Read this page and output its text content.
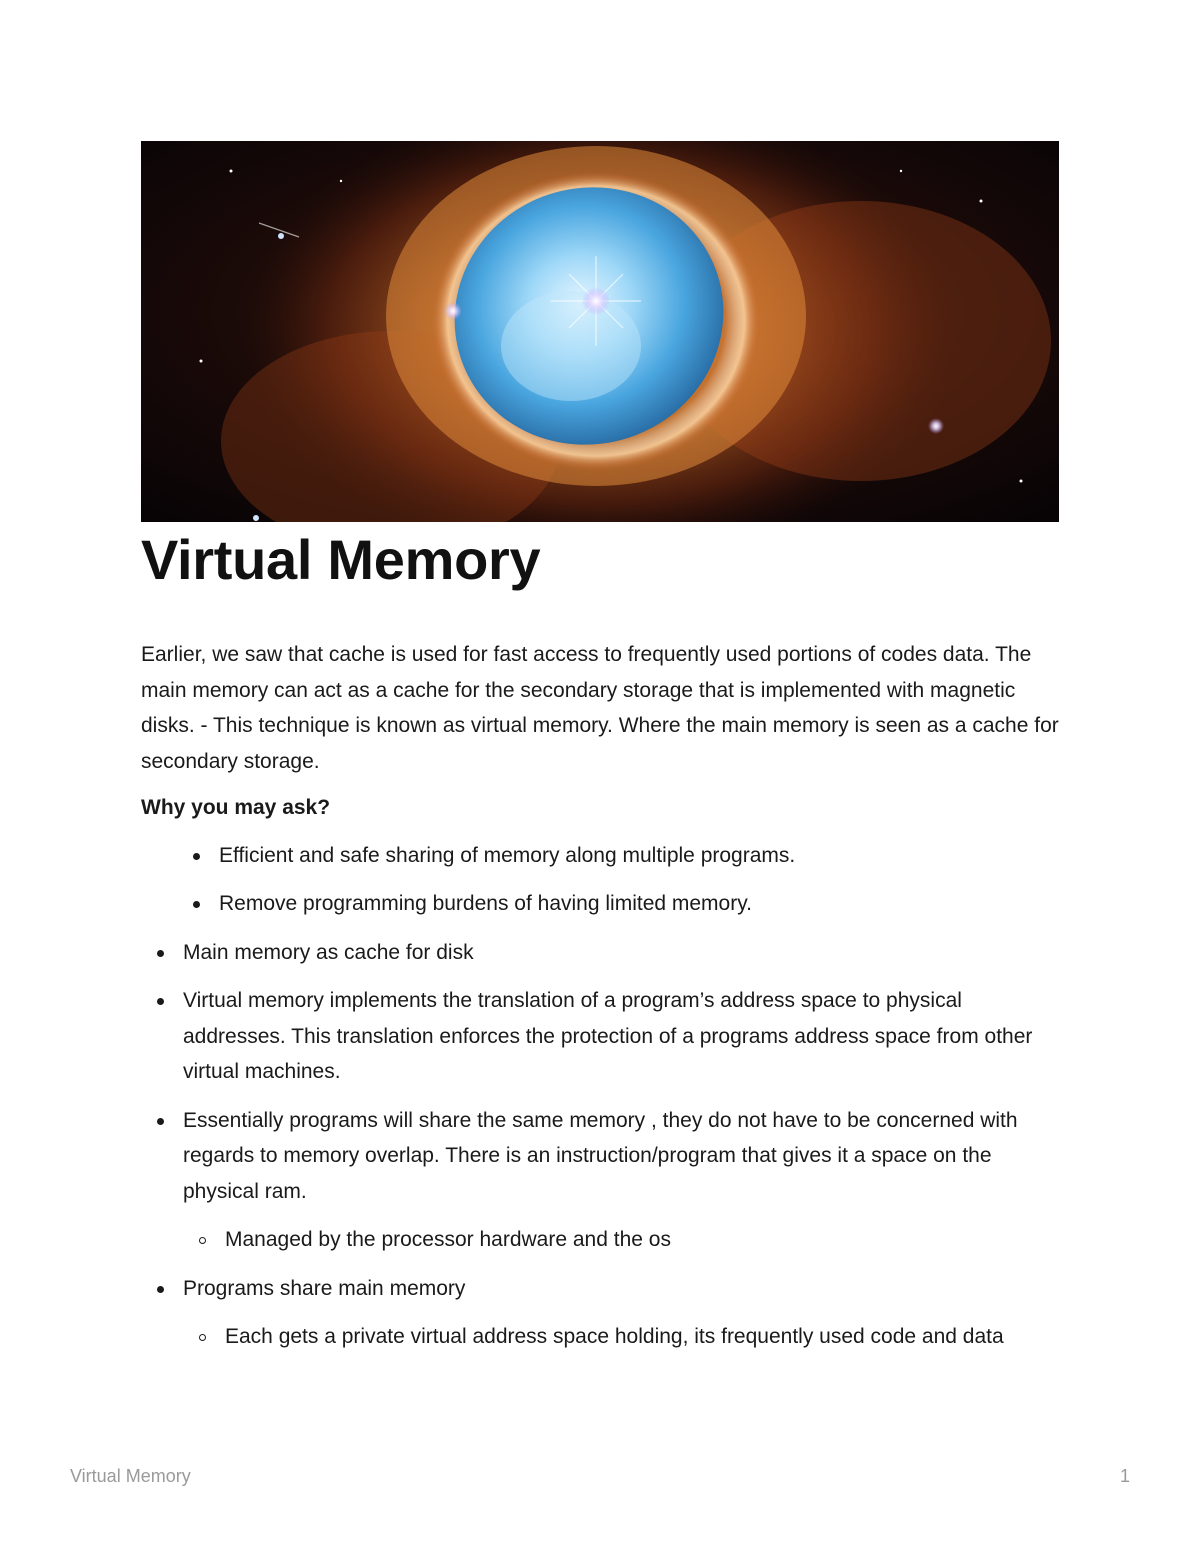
Virtual Memory

Earlier, we saw that cache is used for fast access to frequently used portions of codes data. The main memory can act as a cache for the secondary storage that is implemented with magnetic disks. - This technique is known as virtual memory. Where the main memory is seen as a cache for secondary storage.

Why you may ask?

Efficient and safe sharing of memory along multiple programs.
Remove programming burdens of having limited memory.
Main memory as cache for disk
Virtual memory implements the translation of a program’s address space to physical addresses. This translation enforces the protection of a programs address space from other virtual machines.
Essentially programs will share the same memory , they do not have to be concerned with regards to memory overlap. There is an instruction/program that gives it a space on the physical ram.
Managed by the processor hardware and the os
Programs share main memory
Each gets a private virtual address space holding, its frequently used code and data
Virtual Memory	1
